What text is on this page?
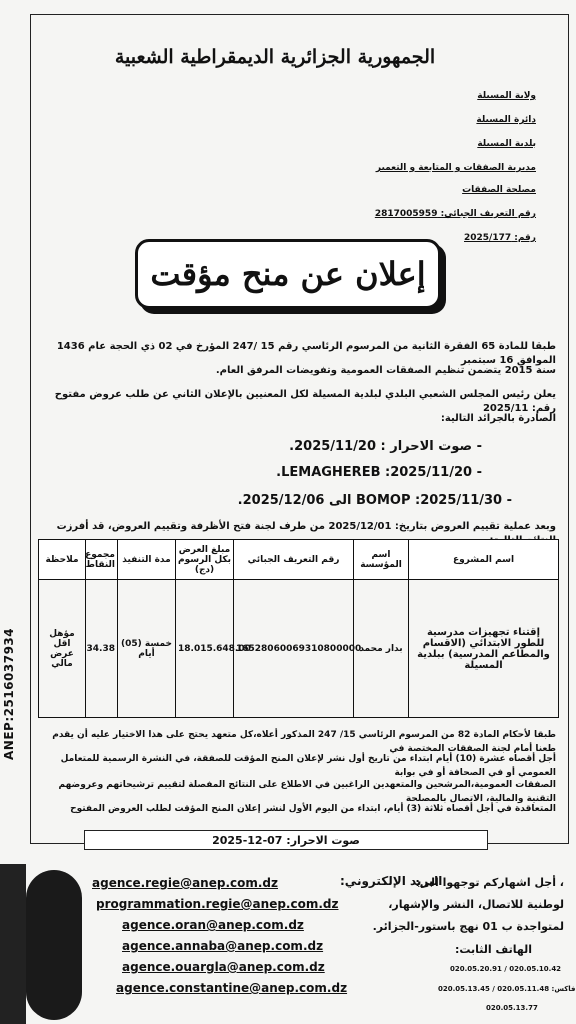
الجمهورية الجزائرية الديمقراطية الشعبية
ولاية المسيلة
دائرة المسيلة
بلدية المسيلة
مديرية الصفقات و المتابعة و التعمير
مصلحة الصفقات
رقم التعريف الجبائي: 2817005959
رقم: 2025/177
إعلان عن منح مؤقت
طبقا للمادة 65 الفقرة الثانية من المرسوم الرئاسي رقم 15 /247 المؤرخ في 02 ذي الحجة عام 1436 الموافق 16 سبتمبر
سنة 2015 يتضمن تنظيم الصفقات العمومية وتفويضات المرفق العام.
يعلن رئيس المجلس الشعبي البلدي لبلدية المسيلة لكل المعنيين بالإعلان الثاني عن طلب عروض مفتوح رقم: 2025/11
الصادرة بالجرائد التالية:
- صوت الاحرار : 2025/11/20.
- LEMAGHEREB :2025/11/20.
- BOMOP :2025/11/30 الى 2025/12/06.
وبعد عملية تقييم العروض بتاريخ: 2025/12/01 من طرف لجنة فتح الأظرفة وتقييم العروض، قد أفرزت النتائج التالية:
اسم المشروع	اسم المؤسسة	رقم التعريف الجبائي	مبلغ العرض بكل الرسوم (دج)	مدة التنفيذ	مجموع النقاط	ملاحظة
إقتناء تجهيزات مدرسية للطور الابتدائي (الاقسام والمطاعم المدرسية) ببلدية المسيلة	بدار محمد	16528060069310800000	18.015.648.00	خمسة (05) أيام	34.38	مؤهل اقل عرض مالي
ANEP:2516037934	طبقا لأحكام المادة 82 من المرسوم الرئاسي 15/ 247 المذكور أعلاه،كل متعهد يحتج على هذا الاختيار عليه أن يقدم طعنا أمام لجنة الصفقات المختصة في
أجل أقصاه عشرة (10) أيام ابتداء من تاريخ أول نشر لإعلان المنح المؤقت للصفقة، في النشرة الرسمية للمتعامل العمومي أو في الصحافة أو في بوابة
الصفقات العمومية،المرشحين والمتعهدين الراغبين في الاطلاع على النتائج المفصلة لتقييم ترشيحاتهم وعروضهم التقنية والمالية، الاتصال بالمصلحة
المتعاقدة في أجل أقصاه ثلاثة (3) أيام، ابتداء من اليوم الأول لنشر إعلان المنح المؤقت لطلب العروض المفتوح
صوت الاحرار: 07-12-2025
البريد الإلكتروني:
agence.regie@anep.com.dz
programmation.regie@anep.com.dz
agence.oran@anep.com.dz
agence.annaba@anep.com.dz
agence.ouargla@anep.com.dz
agence.constantine@anep.com.dz
، أجل اشهاركم توجهوا الى:
لوطنية للاتصال، النشر والإشهار،
لمتواجدة ب 01 نهج باستور-الجزائر.
الهاتف الثابت:
020.05.20.91 / 020.05.10.42
فاكس: 020.05.11.48 / 020.05.13.45
020.05.13.77
